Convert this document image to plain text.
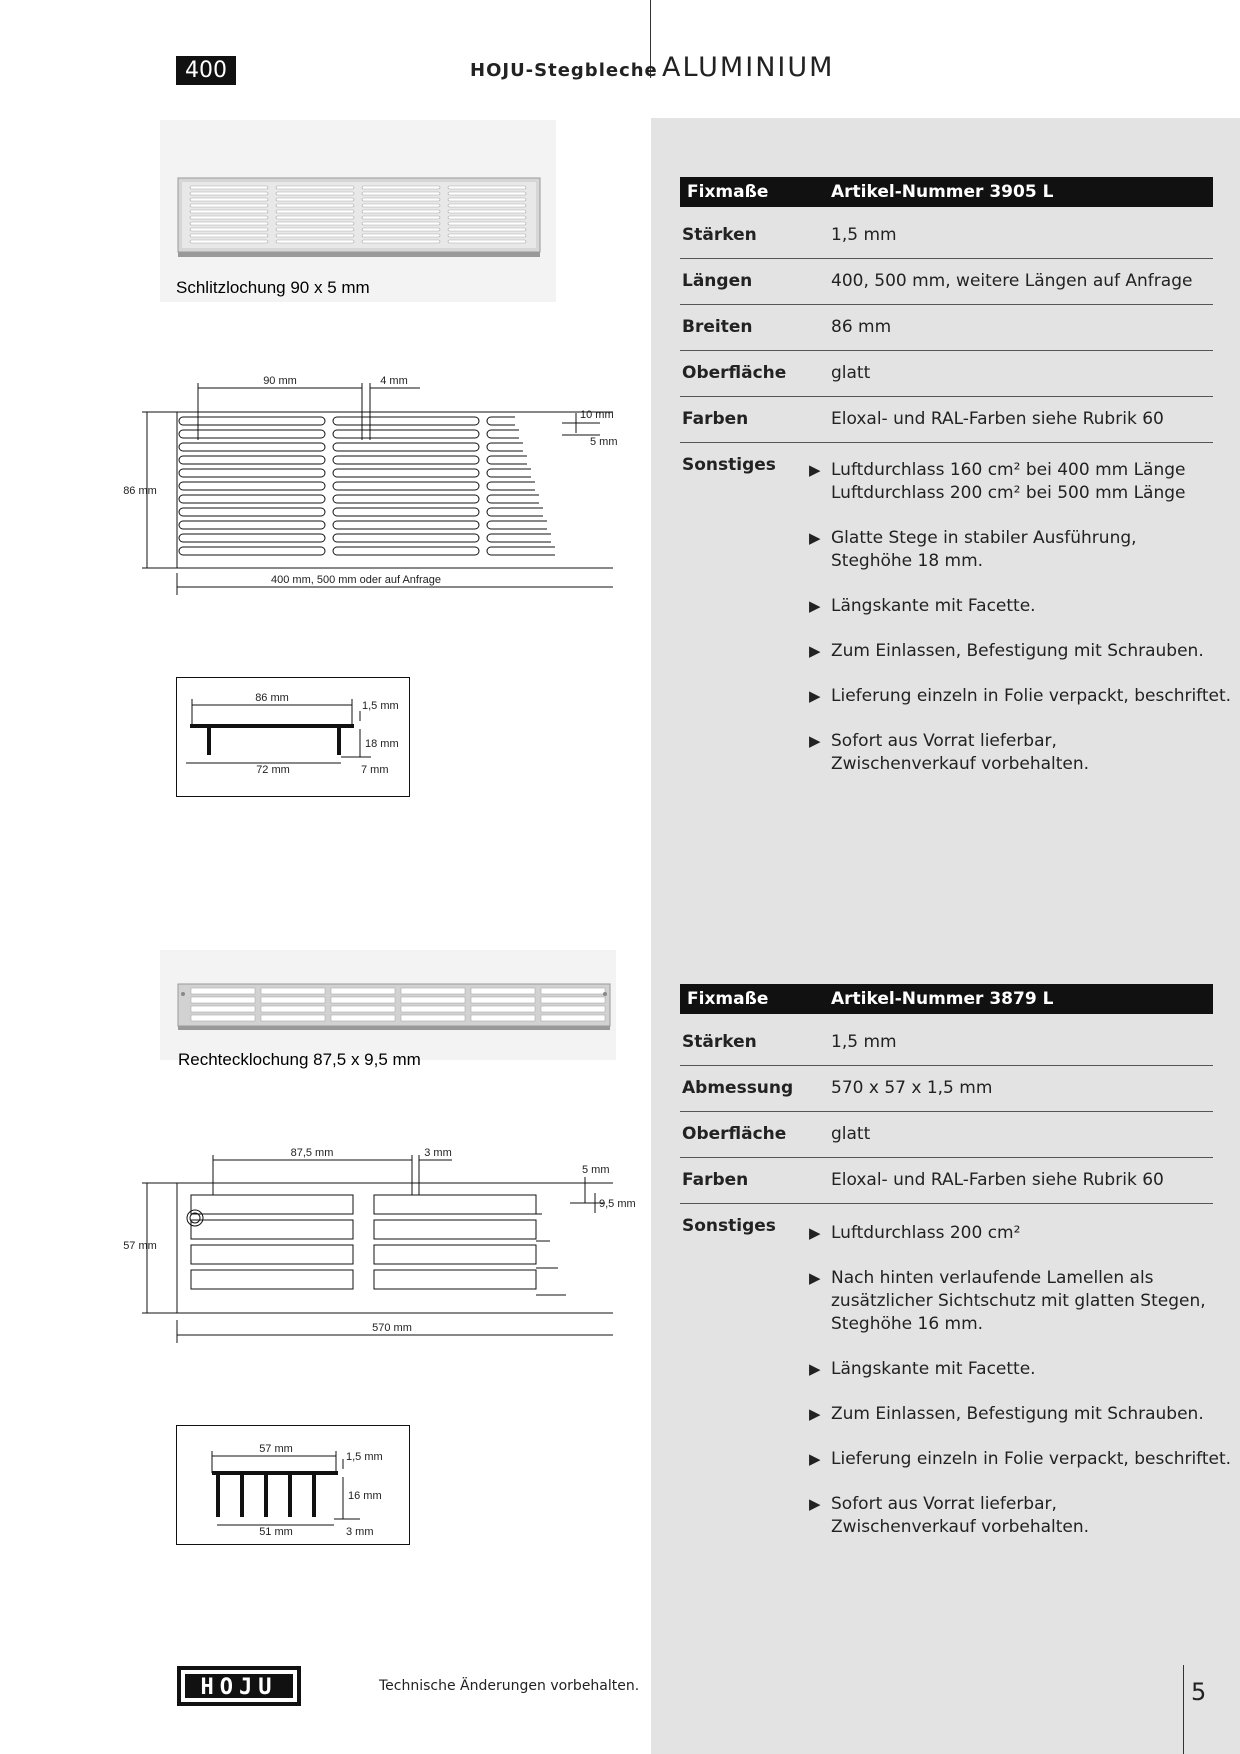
400	HOJU-Stegbleche ALUMINIUM
Schlitzlochung 90 x 5 mm
90 mm	4 mm
10 mm
5 mm
86 mm
400 mm, 500 mm oder auf Anfrage
86 mm
1,5 mm
18 mm
72 mm	7 mm
Fixmaße	Artikel-Nummer 3905 L
Stärken	1,5 mm
Längen	400, 500 mm, weitere Längen auf Anfrage
Breiten	86 mm
Oberfläche	glatt
Farben	Eloxal- und RAL-Farben siehe Rubrik 60
Sonstiges ▶ Luftdurchlass 160 cm² bei 400 mm Länge
Luftdurchlass 200 cm² bei 500 mm Länge
▶ Glatte Stege in stabiler Ausführung,
Steghöhe 18 mm.
▶ Längskante mit Facette.
▶ Zum Einlassen, Befestigung mit Schrauben.
▶ Lieferung einzeln in Folie verpackt, beschriftet.
▶ Sofort aus Vorrat lieferbar,
Zwischenverkauf vorbehalten.
Rechtecklochung 87,5 x 9,5 mm
87,5 mm	3 mm
5 mm
9,5 mm
57 mm
570 mm
57 mm
1,5 mm
16 mm
51 mm	3 mm
Fixmaße	Artikel-Nummer 3879 L
Stärken	1,5 mm
Abmessung 570 x 57 x 1,5 mm
Oberfläche	glatt
Farben	Eloxal- und RAL-Farben siehe Rubrik 60
Sonstiges ▶ Luftdurchlass 200 cm²
▶ Nach hinten verlaufende Lamellen als
zusätzlicher Sichtschutz mit glatten Stegen,
Steghöhe 16 mm.
▶ Längskante mit Facette.
▶ Zum Einlassen, Befestigung mit Schrauben.
▶ Lieferung einzeln in Folie verpackt, beschriftet.
▶ Sofort aus Vorrat lieferbar,
Zwischenverkauf vorbehalten.
HOJU	Technische Änderungen vorbehalten.	5
